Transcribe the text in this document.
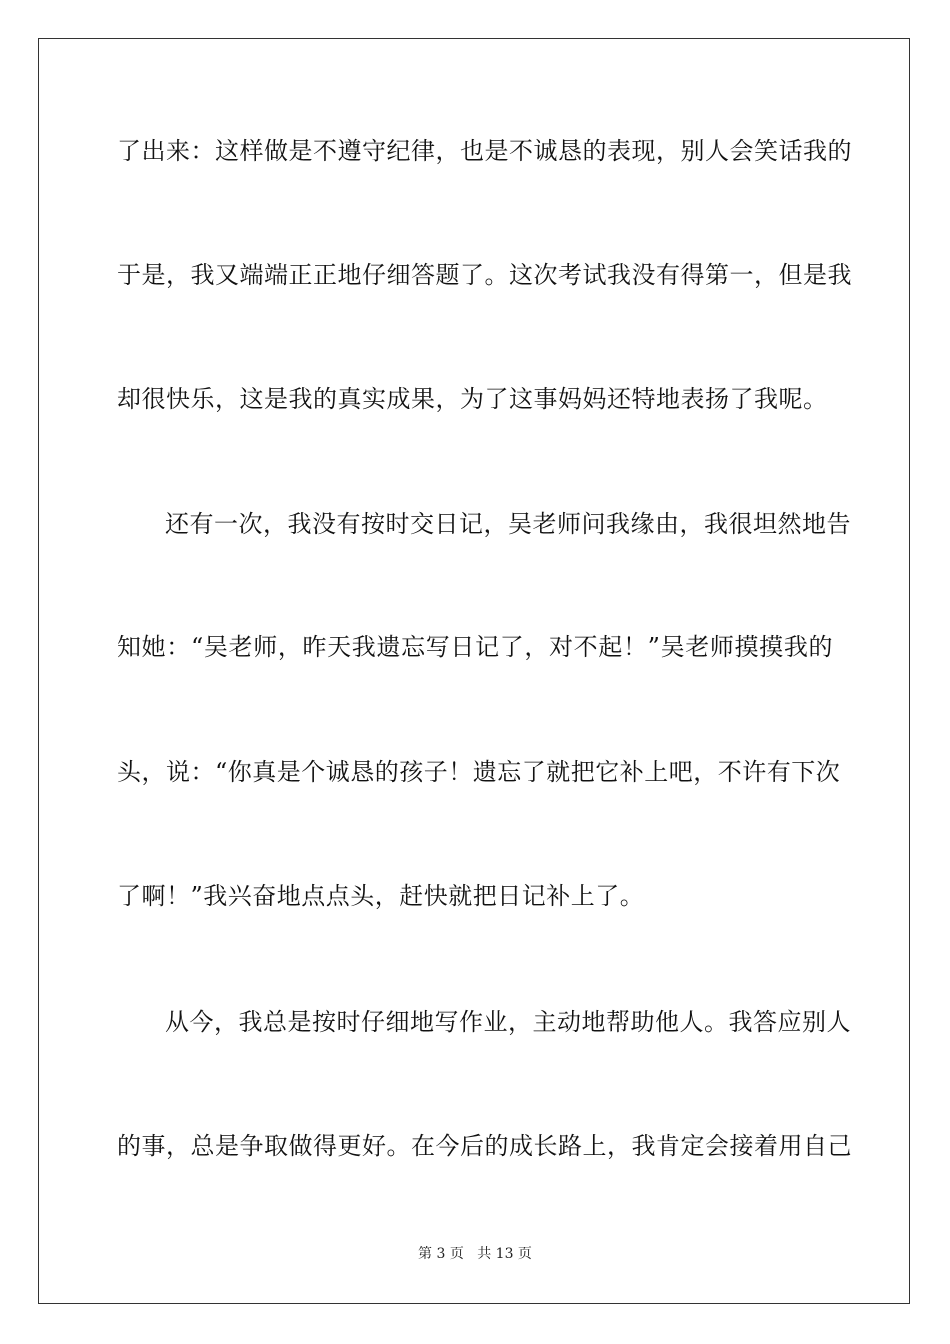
了出来：这样做是不遵守纪律，也是不诚恳的表现，别人会笑话我的
于是，我又端端正正地仔细答题了。这次考试我没有得第一，但是我
却很快乐，这是我的真实成果，为了这事妈妈还特地表扬了我呢。
还有一次，我没有按时交日记，吴老师问我缘由，我很坦然地告
知她：“吴老师，昨天我遗忘写日记了，对不起！”吴老师摸摸我的
头，说：“你真是个诚恳的孩子！遗忘了就把它补上吧，不许有下次
了啊！”我兴奋地点点头，赶快就把日记补上了。
从今，我总是按时仔细地写作业，主动地帮助他人。我答应别人
的事，总是争取做得更好。在今后的成长路上，我肯定会接着用自己
第 3 页 共 13 页
